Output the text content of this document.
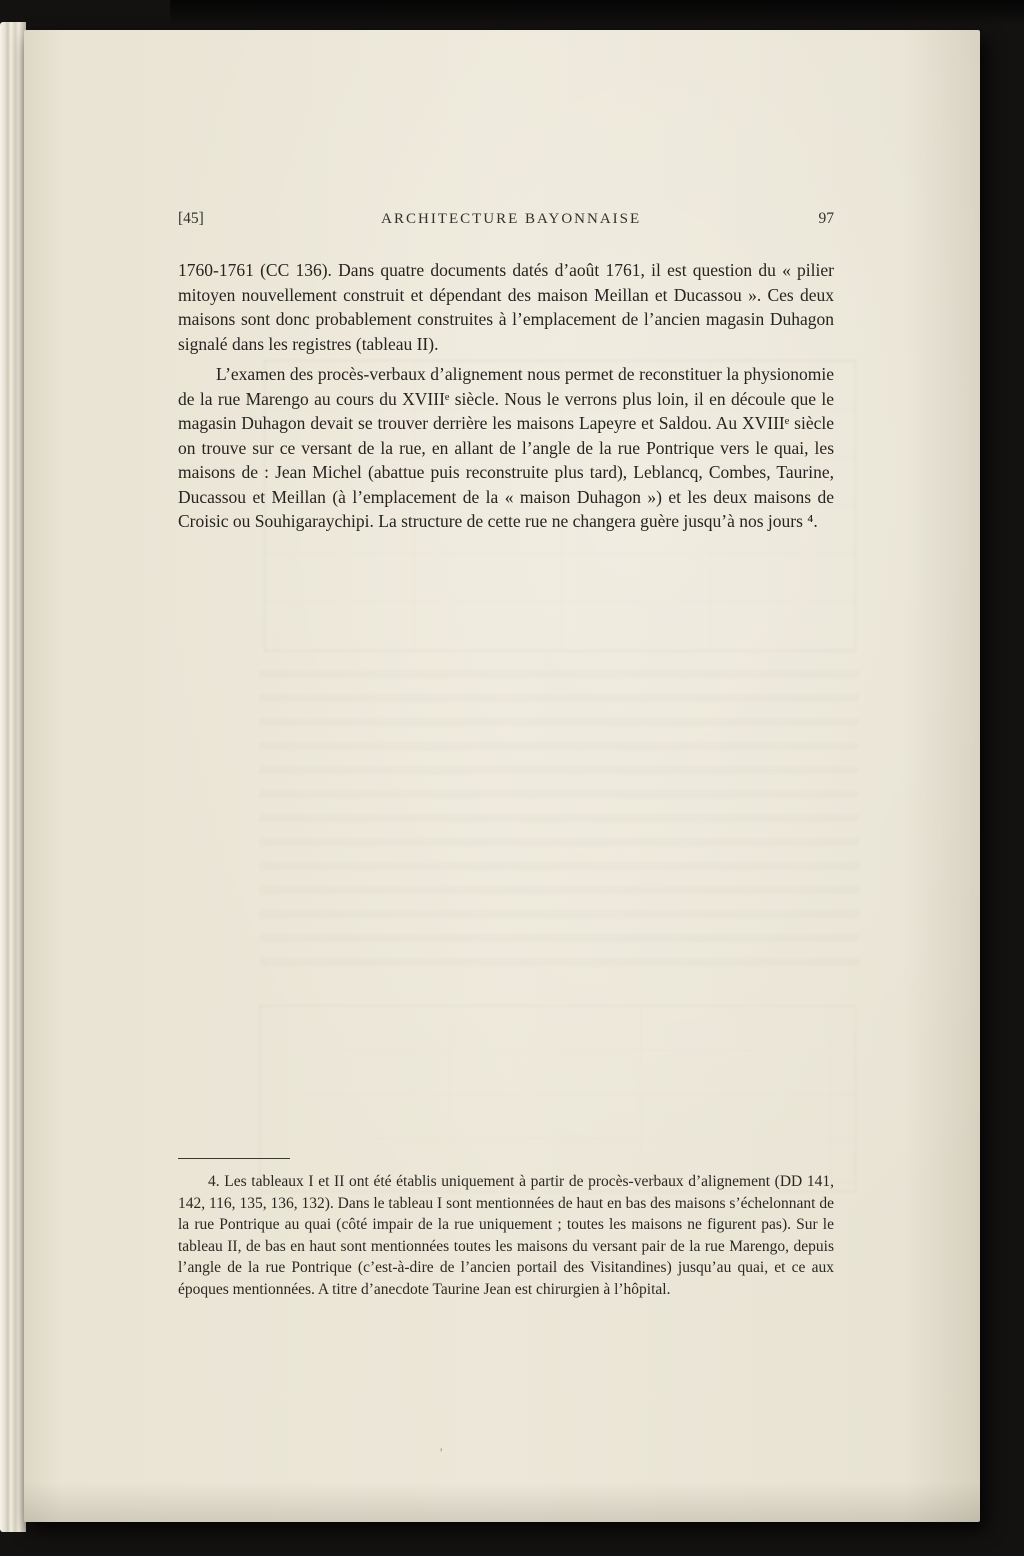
[45]	ARCHITECTURE BAYONNAISE	97

1760-1761 (CC 136). Dans quatre documents datés d’août 1761, il est question du « pilier mitoyen nouvellement construit et dépendant des maison Meillan et Ducassou ». Ces deux maisons sont donc probablement construites à l’emplacement de l’ancien magasin Duhagon signalé dans les registres (tableau II).

L’examen des procès-verbaux d’alignement nous permet de reconstituer la physionomie de la rue Marengo au cours du XVIIIᵉ siècle. Nous le verrons plus loin, il en découle que le magasin Duhagon devait se trouver derrière les maisons Lapeyre et Saldou. Au XVIIIᵉ siècle on trouve sur ce versant de la rue, en allant de l’angle de la rue Pontrique vers le quai, les maisons de : Jean Michel (abattue puis reconstruite plus tard), Leblancq, Combes, Taurine, Ducassou et Meillan (à l’emplacement de la « maison Duhagon ») et les deux maisons de Croisic ou Souhigaraychipi. La structure de cette rue ne changera guère jusqu’à nos jours ⁴.

4. Les tableaux I et II ont été établis uniquement à partir de procès-verbaux d’alignement (DD 141, 142, 116, 135, 136, 132). Dans le tableau I sont mentionnées de haut en bas des maisons s’échelonnant de la rue Pontrique au quai (côté impair de la rue uniquement ; toutes les maisons ne figurent pas). Sur le tableau II, de bas en haut sont mentionnées toutes les maisons du versant pair de la rue Marengo, depuis l’angle de la rue Pontrique (c’est-à-dire de l’ancien portail des Visitandines) jusqu’au quai, et ce aux époques mentionnées. A titre d’anecdote Taurine Jean est chirurgien à l’hôpital.

’
